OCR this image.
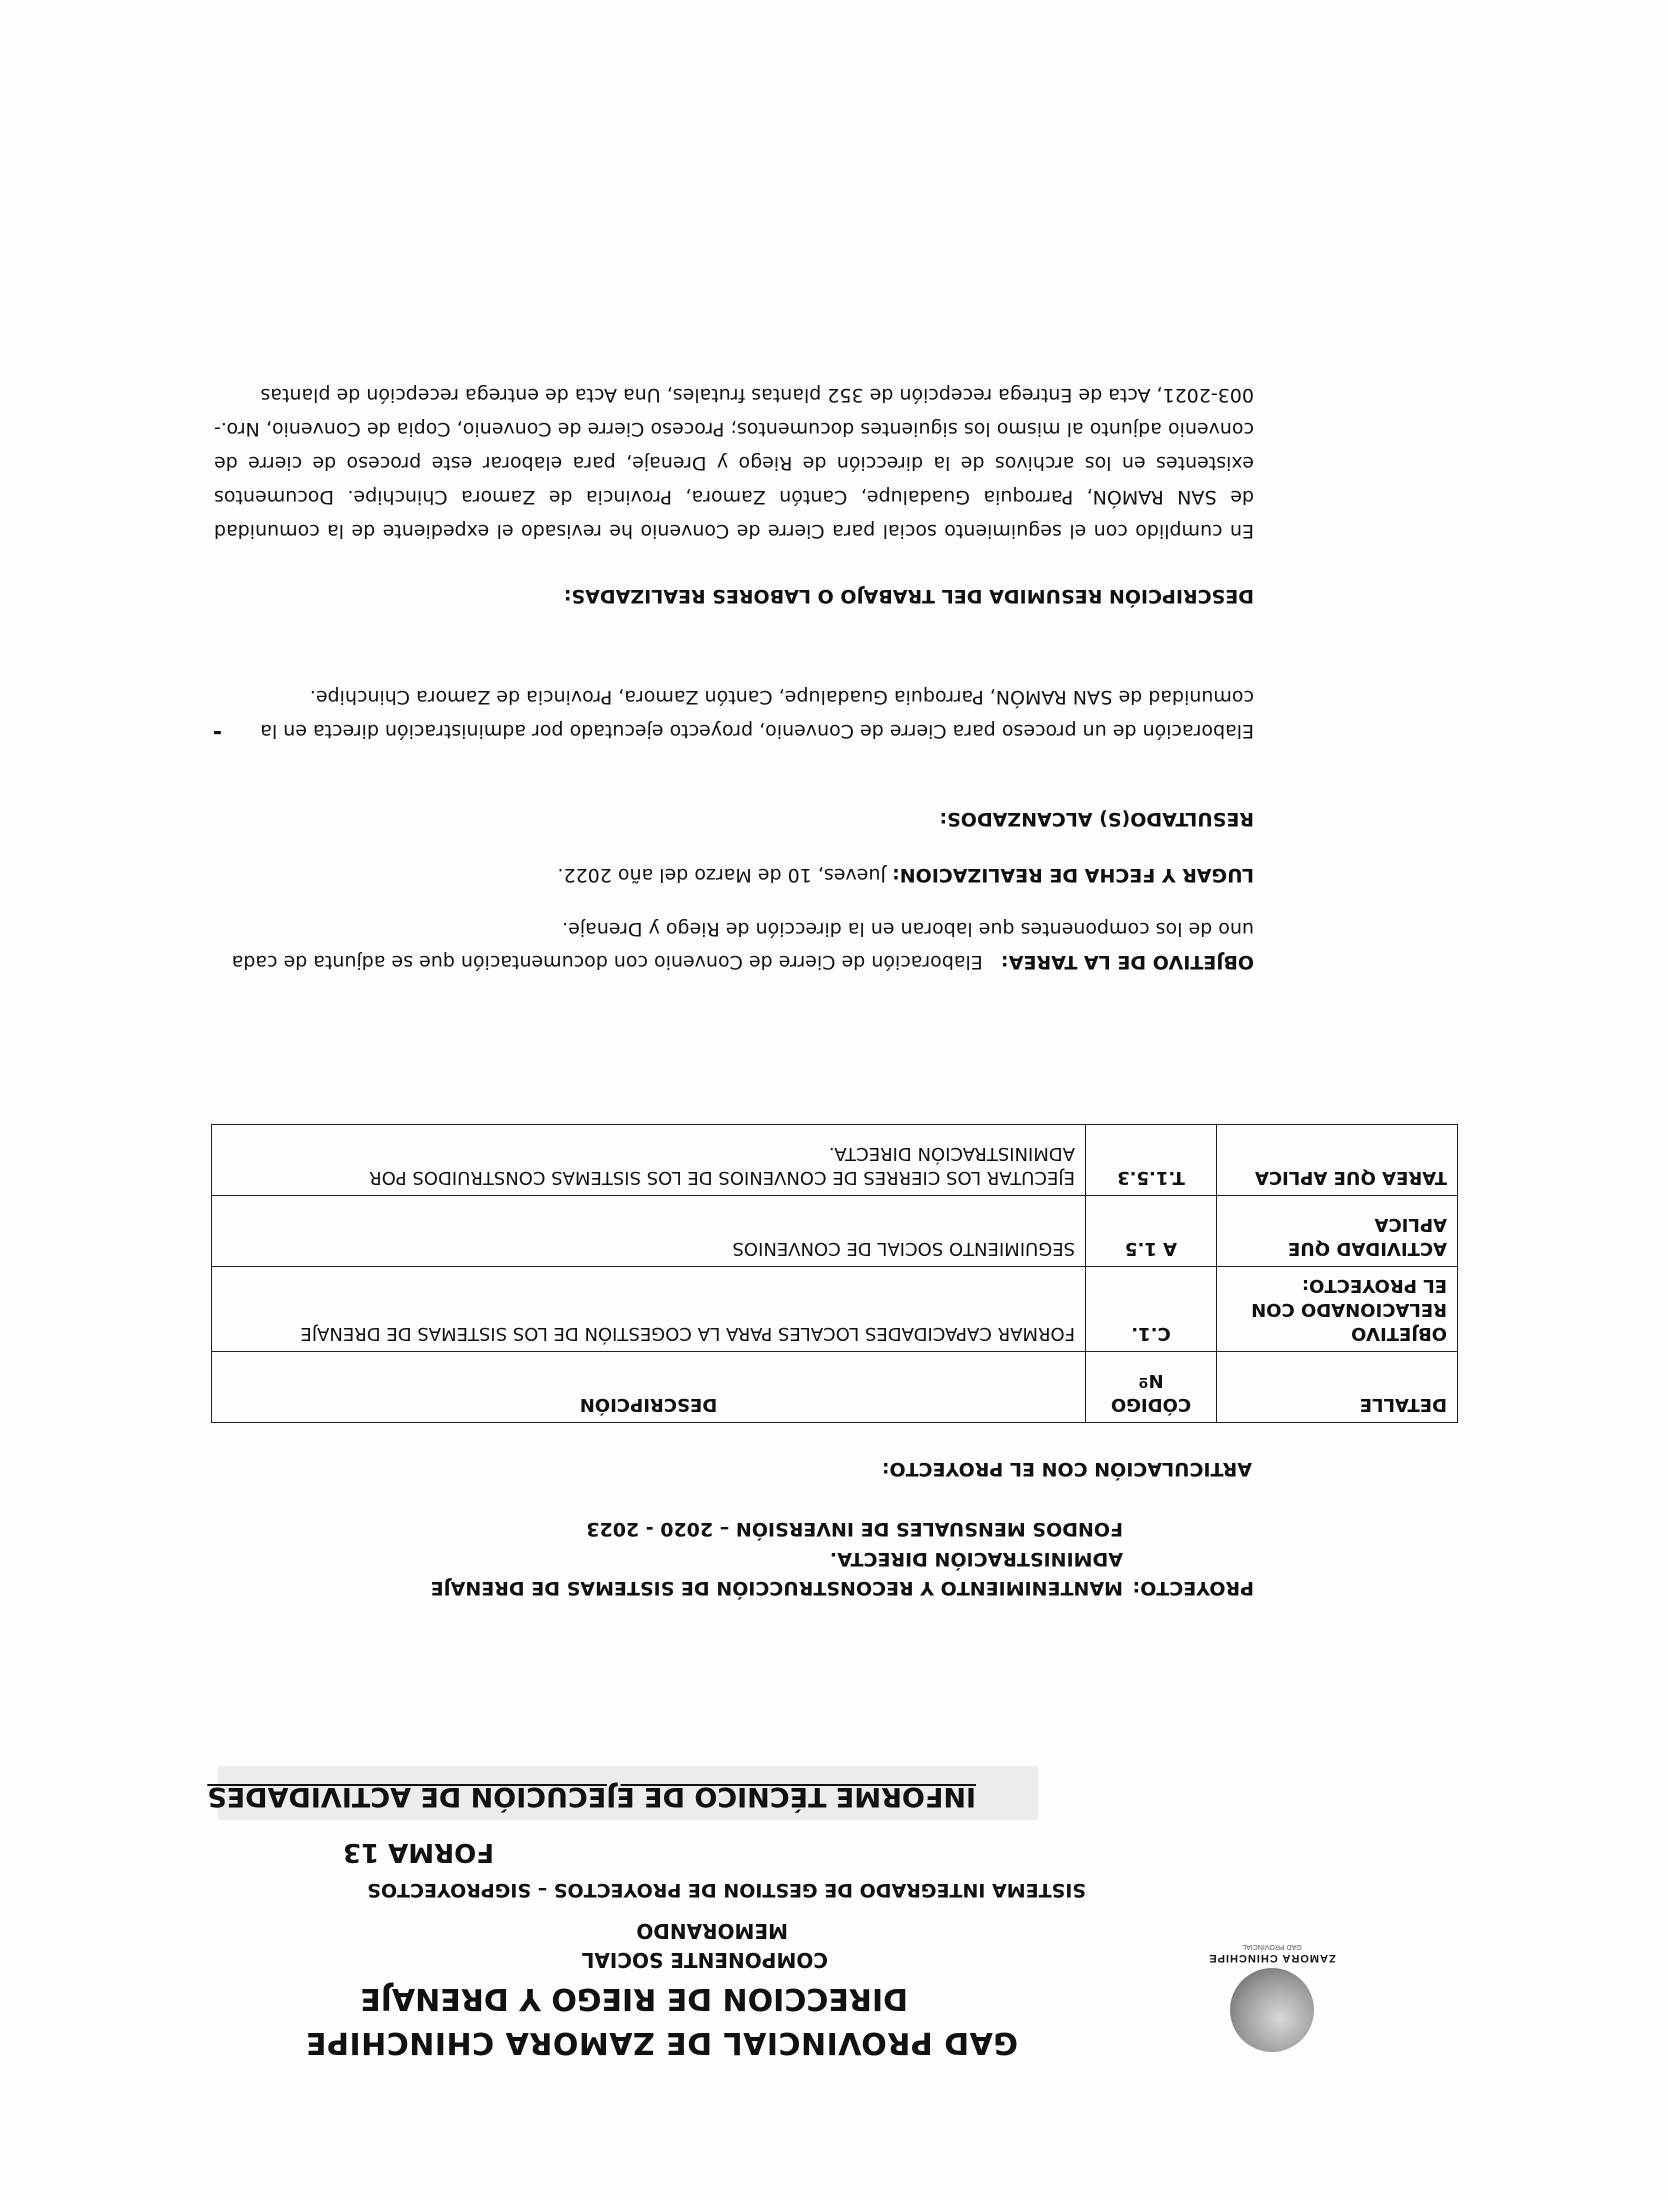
ZAMORA CHINCHIPE
GAD PROVINCIAL
GAD PROVINCIAL DE ZAMORA CHINCHIPE
DIRECCION DE RIEGO Y DRENAJE
COMPONENTE SOCIAL
MEMORANDO
SISTEMA INTEGRADO DE GESTION DE PROYECTOS – SIGPROYECTOS
FORMA 13
INFORME TÉCNICO DE EJECUCIÓN DE ACTIVIDADES
PROYECTO:
MANTENIMIENTO Y RECONSTRUCCIÓN DE SISTEMAS DE DRENAJE
ADMINISTRACIÓN DIRECTA.
FONDOS MENSUALES DE INVERSIÓN – 2020 - 2023
ARTICULACIÓN CON EL PROYECTO:
DETALLE	CÓDIGO Nº	DESCRIPCIÓN
OBJETIVO RELACIONADO CON EL PROYECTO:	C.1.	FORMAR CAPACIDADES LOCALES PARA LA COGESTIÓN DE LOS SISTEMAS DE DRENAJE
ACTIVIDAD QUE APLICA	A 1.5	SEGUIMIENTO SOCIAL DE CONVENIOS
TAREA QUE APLICA	T.1.5.3	EJECUTAR LOS CIERRES DE CONVENIOS DE LOS SISTEMAS CONSTRUIDOS POR ADMINISTRACIÓN DIRECTA.
OBJETIVO DE LA TAREA:   Elaboración de Cierre de Convenio con documentación que se adjunta de cada uno de los componentes que laboran en la dirección de Riego y Drenaje.
LUGAR Y FECHA DE REALIZACION: Jueves, 10 de Marzo del año 2022.
RESULTADO(S) ALCANZADOS:
-	Elaboración de un proceso para Cierre de Convenio, proyecto ejecutado por administración directa en la comunidad de SAN RAMÓN, Parroquia Guadalupe, Cantón Zamora, Provincia de Zamora Chinchipe.
DESCRIPCIÓN RESUMIDA DEL TRABAJO O LABORES REALIZADAS:
En cumplido con el seguimiento social para Cierre de Convenio he revisado el expediente de la comunidad de SAN RAMÓN, Parroquia Guadalupe, Cantón Zamora, Provincia de Zamora Chinchipe. Documentos existentes en los archivos de la dirección de Riego y Drenaje, para elaborar este proceso de cierre de convenio adjunto al mismo los siguientes documentos; Proceso Cierre de Convenio, Copia de Convenio, Nro.- 003-2021, Acta de Entrega recepción de 352 plantas frutales, Una Acta de entrega recepción de plantas
